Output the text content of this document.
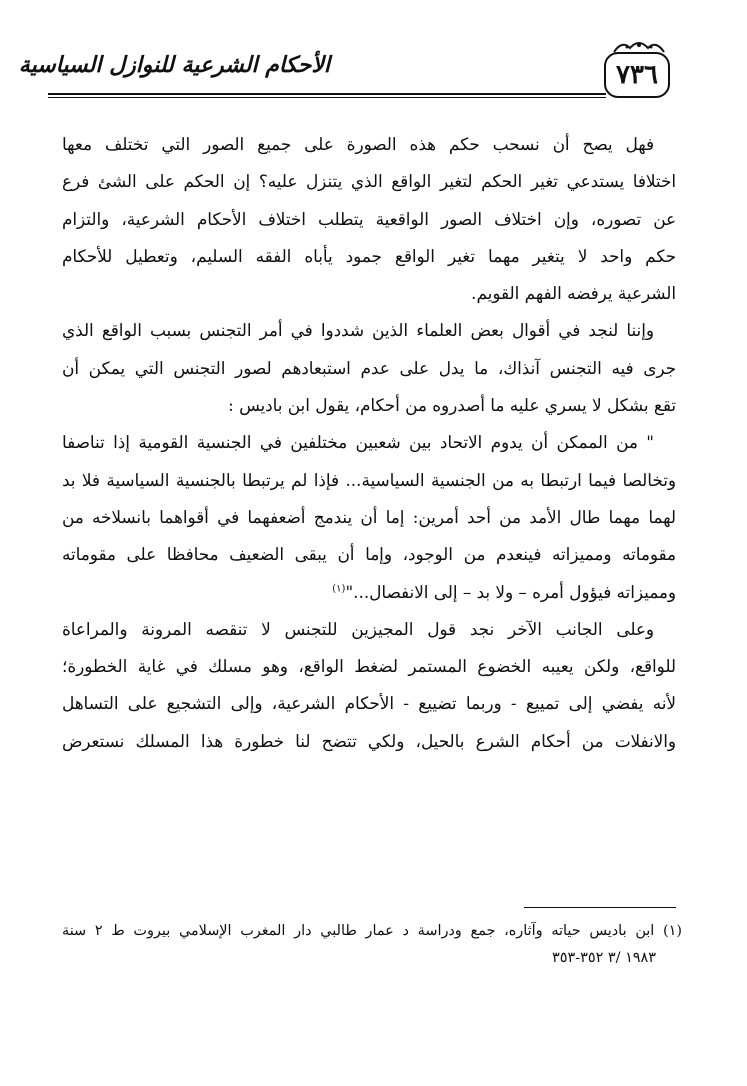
٧٣٦
الأحكام الشرعية للنوازل السياسية

فهل يصح أن نسحب حكم هذه الصورة على جميع الصور التي تختلف معها
اختلافا يستدعي تغير الحكم لتغير الواقع الذي يتنزل عليه؟ إن الحكم على الشئ فرع
عن تصوره، وإن اختلاف الصور الواقعية يتطلب اختلاف الأحكام الشرعية، والتزام
حكم واحد لا يتغير مهما تغير الواقع جمود يأباه الفقه السليم، وتعطيل للأحكام
الشرعية يرفضه الفهم القويم.

وإننا لنجد في أقوال بعض العلماء الذين شددوا في أمر التجنس بسبب الواقع الذي
جرى فيه التجنس آنذاك، ما يدل على عدم استبعادهم لصور التجنس التي يمكن أن
تقع بشكل لا يسري عليه ما أصدروه من أحكام، يقول ابن باديس :

" من الممكن أن يدوم الاتحاد بين شعبين مختلفين في الجنسية القومية إذا تناصفا
وتخالصا فيما ارتبطا به من الجنسية السياسية... فإذا لم يرتبطا بالجنسية السياسية فلا بد
لهما مهما طال الأمد من أحد أمرين: إما أن يندمج أضعفهما في أقواهما بانسلاخه من
مقوماته ومميزاته فينعدم من الوجود، وإما أن يبقى الضعيف محافظا على مقوماته
ومميزاته فيؤول أمره – ولا بد – إلى الانفصال..."$^{(١)}$

وعلى الجانب الآخر نجد قول المجيزين للتجنس لا تنقصه المرونة والمراعاة
للواقع، ولكن يعيبه الخضوع المستمر لضغط الواقع، وهو مسلك في غاية الخطورة؛
لأنه يفضي إلى تمييع - وربما تضييع - الأحكام الشرعية، وإلى التشجيع على التساهل
والانفلات من أحكام الشرع بالحيل، ولكي تتضح لنا خطورة هذا المسلك نستعرض

(١) ابن باديس حياته وآثاره، جمع ودراسة د عمار طالبي دار المغرب الإسلامي بيروت ط ٢ سنة
١٩٨٣ /٣ ٣٥٢-٣٥٣
